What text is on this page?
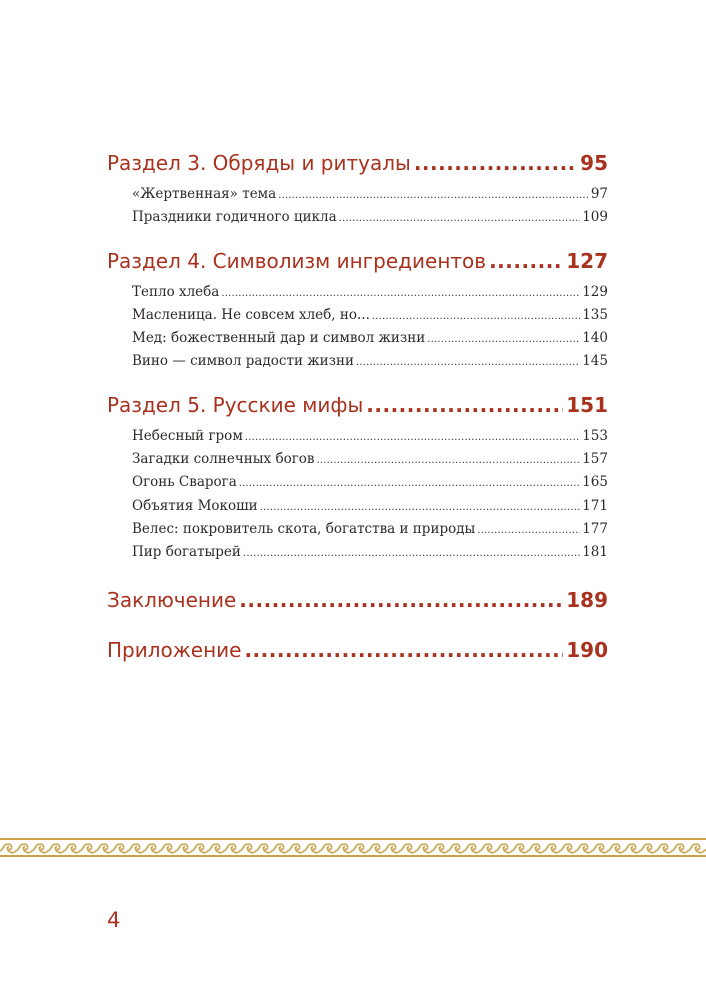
Раздел 3. Обряды и ритуалы .....	95
«Жертвенная» тема .....	97
Праздники годичного цикла .....	109
Раздел 4. Символизм ингредиентов .....	127
Тепло хлеба .....	129
Масленица. Не совсем хлеб, но... .....	135
Мед: божественный дар и символ жизни .....	140
Вино — символ радости жизни .....	145
Раздел 5. Русские мифы .....	151
Небесный гром .....	153
Загадки солнечных богов .....	157
Огонь Сварога .....	165
Объятия Мокоши .....	171
Велес: покровитель скота, богатства и природы .....	177
Пир богатырей .....	181
Заключение .....	189
Приложение .....	190
4
